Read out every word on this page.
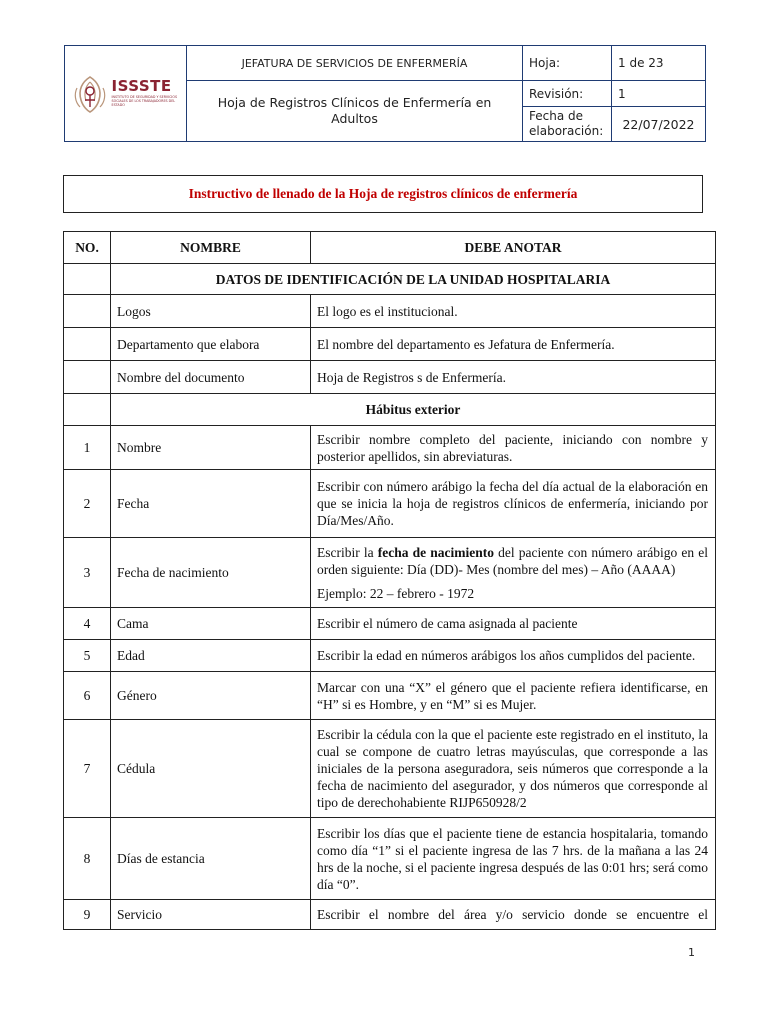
ISSSTE
INSTITUTO DE SEGURIDAD Y SERVICIOS SOCIALES DE LOS TRABAJADORES DEL ESTADO	JEFATURA DE SERVICIOS DE ENFERMERÍA	Hoja:	1 de 23
	Hoja de Registros Clínicos de Enfermería en Adultos	Revisión:	1
		Fecha de elaboración:	22/07/2022
Instructivo de llenado de la Hoja de registros clínicos de enfermería
NO.	NOMBRE	DEBE ANOTAR
	DATOS DE IDENTIFICACIÓN DE LA UNIDAD HOSPITALARIA	
	Logos	El logo es el institucional.
	Departamento que elabora	El nombre del departamento es Jefatura de Enfermería.
	Nombre del documento	Hoja de Registros s de Enfermería.
	Hábitus exterior	
1	Nombre	Escribir nombre completo del paciente, iniciando con nombre y posterior apellidos, sin abreviaturas.
2	Fecha	Escribir con número arábigo la fecha del día actual de la elaboración en que se inicia la hoja de registros clínicos de enfermería, iniciando por Día/Mes/Año.
3	Fecha de nacimiento	Escribir la fecha de nacimiento del paciente con número arábigo en el orden siguiente: Día (DD)- Mes (nombre del mes) – Año (AAAA)

Ejemplo: 22 – febrero - 1972

4	Cama	Escribir el número de cama asignada al paciente
5	Edad	Escribir la edad en números arábigos los años cumplidos del paciente.
6	Género	Marcar con una “X” el género que el paciente refiera identificarse, en “H” si es Hombre, y en “M” si es Mujer.
7	Cédula	Escribir la cédula con la que el paciente este registrado en el instituto, la cual se compone de cuatro letras mayúsculas, que corresponde a las iniciales de la persona aseguradora, seis números que corresponde a la fecha de nacimiento del asegurador, y dos números que corresponde al tipo de derechohabiente RIJP650928/2
8	Días de estancia	Escribir los días que el paciente tiene de estancia hospitalaria, tomando como día “1” si el paciente ingresa de las 7 hrs. de la mañana a las 24 hrs de la noche, si el paciente ingresa después de las 0:01 hrs; será como día “0”.
9	Servicio	Escribir el nombre del área y/o servicio donde se encuentre el
1
